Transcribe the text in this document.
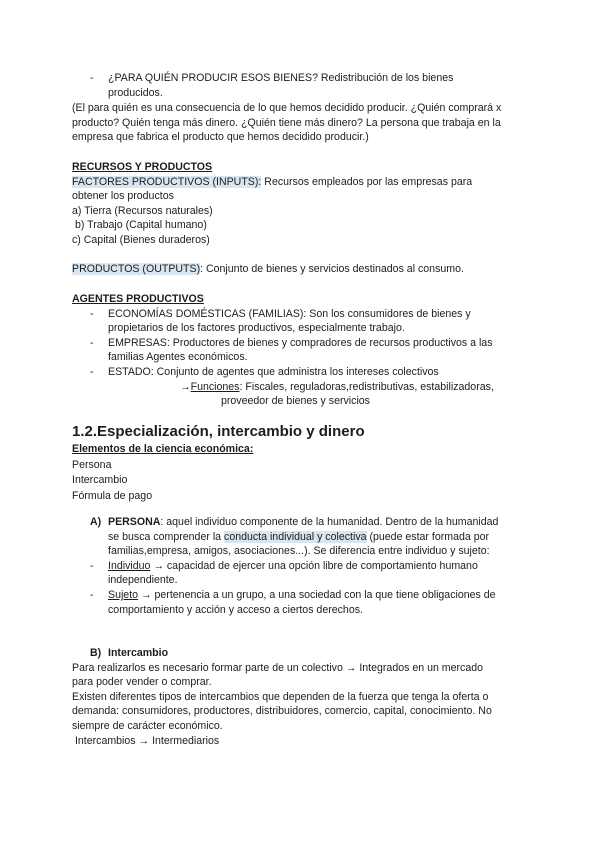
- ¿PARA QUIÉN PRODUCIR ESOS BIENES? Redistribución de los bienes

producidos.

(El para quién es una consecuencia de lo que hemos decidido producir. ¿Quién comprará x

producto? Quién tenga más dinero. ¿Quién tiene más dinero? La persona que trabaja en la

empresa que fabrica el producto que hemos decidido producir.)

RECURSOS Y PRODUCTOS

FACTORES PRODUCTIVOS (INPUTS): Recursos empleados por las empresas para

obtener los productos

a) Tierra (Recursos naturales)

b) Trabajo (Capital humano)

c) Capital (Bienes duraderos)

PRODUCTOS (OUTPUTS): Conjunto de bienes y servicios destinados al consumo.

AGENTES PRODUCTIVOS

- ECONOMÍAS DOMÉSTICAS (FAMILIAS): Son los consumidores de bienes y

propietarios de los factores productivos, especialmente trabajo.

- EMPRESAS: Productores de bienes y compradores de recursos productivos a las

familias Agentes económicos.

- ESTADO: Conjunto de agentes que administra los intereses colectivos

→Funciones: Fiscales, reguladoras,redistributivas, estabilizadoras,

proveedor de bienes y servicios

1.2.Especialización, intercambio y dinero

Elementos de la ciencia económica:

Persona

Intercambio

Fórmula de pago

A) PERSONA: aquel individuo componente de la humanidad. Dentro de la humanidad

se busca comprender la conducta individual y colectiva (puede estar formada por

familias,empresa, amigos, asociaciones...). Se diferencia entre individuo y sujeto:

- Individuo → capacidad de ejercer una opción libre de comportamiento humano

independiente.

- Sujeto → pertenencia a un grupo, a una sociedad con la que tiene obligaciones de

comportamiento y acción y acceso a ciertos derechos.

B) Intercambio

Para realizarlos es necesario formar parte de un colectivo → Integrados en un mercado

para poder vender o comprar.

Existen diferentes tipos de intercambios que dependen de la fuerza que tenga la oferta o

demanda: consumidores, productores, distribuidores, comercio, capital, conocimiento. No

siempre de carácter económico.

Intercambios → Intermediarios
